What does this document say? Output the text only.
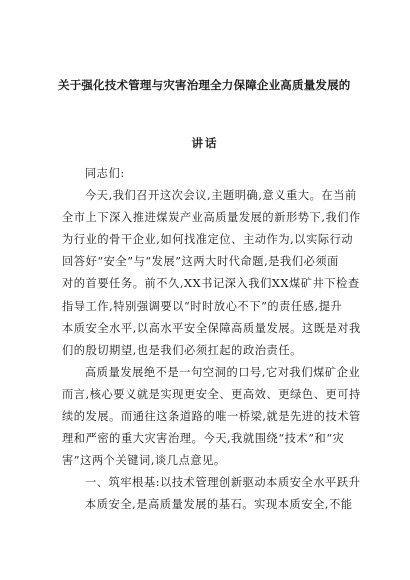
关于强化技术管理与灾害治理全力保障企业高质量发展的
讲话
同志们:
今天,我们召开这次会议,主题明确,意义重大。在当前
全市上下深入推进煤炭产业高质量发展的新形势下,我们作
为行业的骨干企业,如何找准定位、主动作为,以实际行动
回答好“安全”与“发展”这两大时代命题,是我们必须面
对的首要任务。前不久,XX书记深入我们XX煤矿井下检查
指导工作,特别强调要以“时时放心不下”的责任感,提升
本质安全水平,以高水平安全保障高质量发展。这既是对我
们的殷切期望,也是我们必须扛起的政治责任。
高质量发展绝不是一句空洞的口号,它对我们煤矿企业
而言,核心要义就是实现更安全、更高效、更绿色、更可持
续的发展。而通往这条道路的唯一桥梁,就是先进的技术管
理和严密的重大灾害治理。今天,我就围绕“技术”和“灾
害”这两个关键词,谈几点意见。
一、筑牢根基:以技术管理创新驱动本质安全水平跃升
本质安全,是高质量发展的基石。实现本质安全,不能
